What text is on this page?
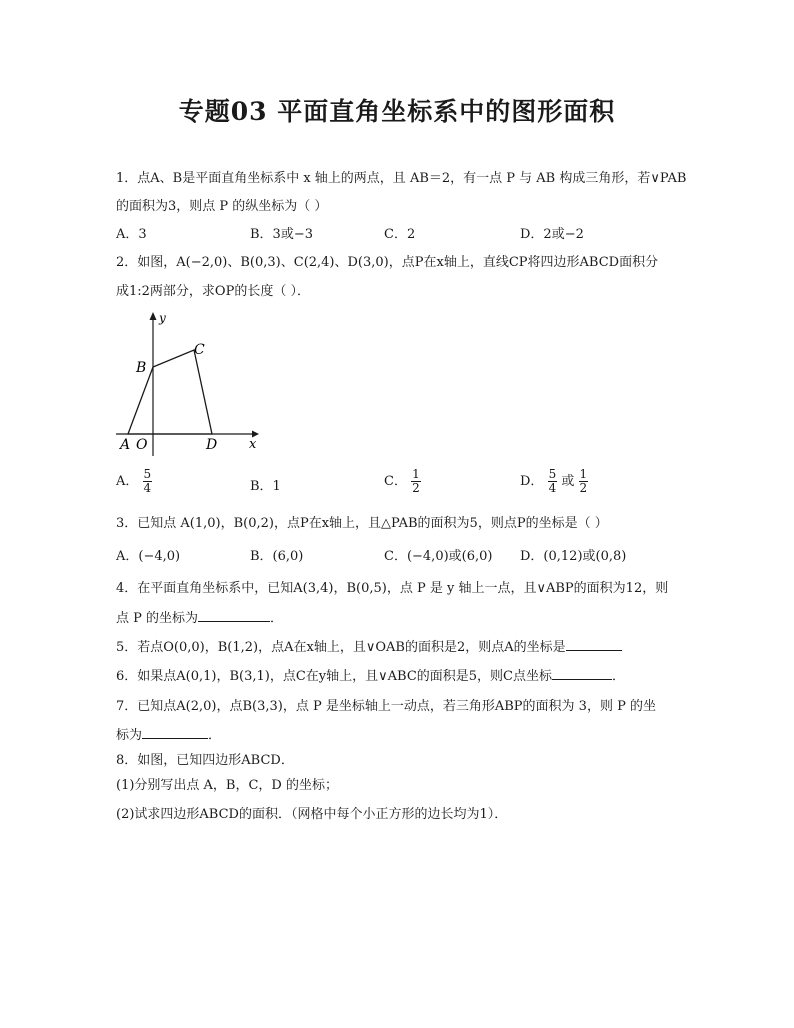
专题03 平面直角坐标系中的图形面积
1．点A、B是平面直角坐标系中 x 轴上的两点，且 AB＝2，有一点 P 与 AB 构成三角形，若∨PAB
的面积为3，则点 P 的纵坐标为（ ）
A．3	B．3或−3	C．2	D．2或−2
2．如图，A(−2,0)、B(0,3)、C(2,4)、D(3,0)，点P在x轴上，直线CP将四边形ABCD面积分
成1:2两部分，求OP的长度（ ）．
y
x
A O
B
C
D
A． $\frac{5}{4}$	B．1	C． $\frac{1}{2}$	D． $\frac{5}{4}$ 或 $\frac{1}{2}$
3．已知点 A(1,0)，B(0,2)，点P在x轴上，且△PAB的面积为5，则点P的坐标是（ ）
A．(−4,0)	B．(6,0)	C．(−4,0)或(6,0) D．(0,12)或(0,8)
4．在平面直角坐标系中，已知A(3,4)，B(0,5)，点 P 是 y 轴上一点，且∨ABP的面积为12，则
点 P 的坐标为	．
5．若点O(0,0)，B(1,2)，点A在x轴上，且∨OAB的面积是2，则点A的坐标是
6．如果点A(0,1)，B(3,1)，点C在y轴上，且∨ABC的面积是5，则C点坐标	．
7．已知点A(2,0)，点B(3,3)，点 P 是坐标轴上一动点，若三角形ABP的面积为 3，则 P 的坐
标为	．
8．如图，已知四边形ABCD．
(1)分别写出点 A，B，C，D 的坐标；
(2)试求四边形ABCD的面积．（网格中每个小正方形的边长均为1）．
